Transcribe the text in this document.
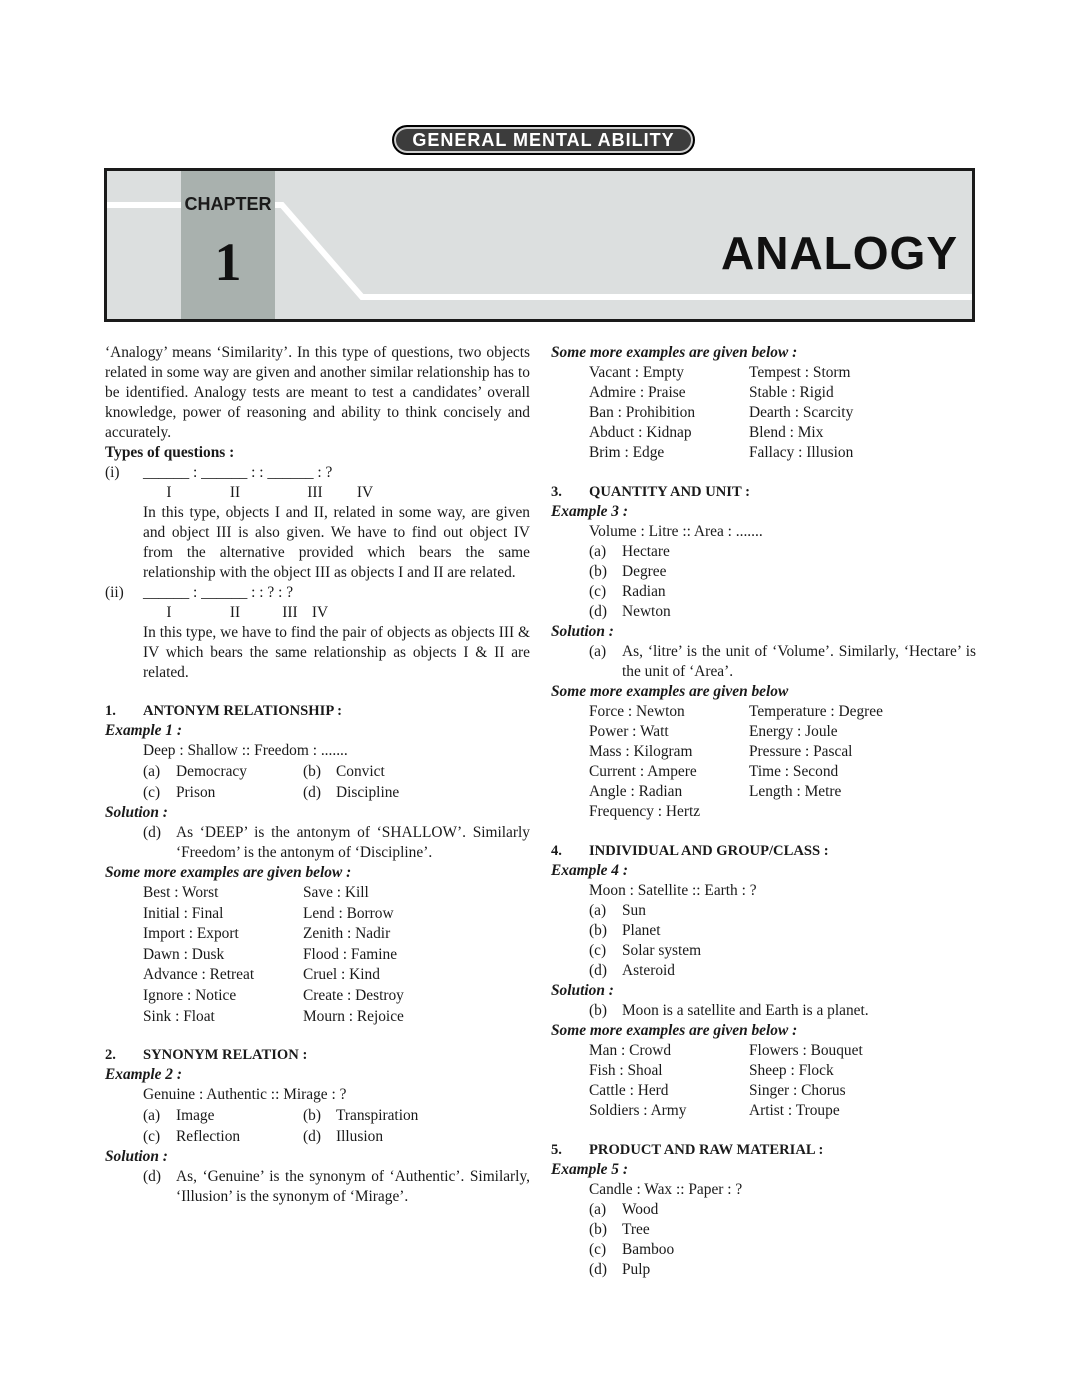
GENERAL MENTAL ABILITY
CHAPTER
1	ANALOGY

‘Analogy’ means ‘Similarity’. In this type of questions, two objects related in some way are given and another similar relationship has to be identified. Analogy tests are meant to test a candidates’ overall knowledge, power of reasoning and ability to think concisely and accurately.

Types of questions :
(i)	______ : ______ : : ______ : ?
I	II	III	IV

In this type, objects I and II, related in some way, are given and object III is also given. We have to find out object IV from the alternative provided which bears the same relationship with the object III as objects I and II are related.

(ii)	______ : ______ : : ? : ?
I	II	III IV

In this type, we have to find the pair of objects as objects III & IV which bears the same relationship as objects I & II are related.

1.	ANTONYM RELATIONSHIP :
Example 1 :
Deep : Shallow :: Freedom : .......
(a)	Democracy	(b) Convict
(c)	Prison	(d) Discipline
Solution :
(d) As ‘DEEP’ is the antonym of ‘SHALLOW’. Similarly ‘Freedom’ is the antonym of ‘Discipline’.
Some more examples are given below :
Best : Worst	Save : Kill
Initial : Final	Lend : Borrow
Import : Export	Zenith : Nadir
Dawn : Dusk	Flood : Famine
Advance : Retreat	Cruel : Kind
Ignore : Notice	Create : Destroy
Sink : Float	Mourn : Rejoice
2.	SYNONYM RELATION :
Example 2 :
Genuine : Authentic :: Mirage : ?
(a)	Image	(b) Transpiration
(c)	Reflection	(d) Illusion
Solution :
(d) As, ‘Genuine’ is the synonym of ‘Authentic’. Similarly, ‘Illusion’ is the synonym of ‘Mirage’.
Some more examples are given below :
Vacant : Empty	Tempest : Storm
Admire : Praise	Stable : Rigid
Ban : Prohibition	Dearth : Scarcity
Abduct : Kidnap	Blend : Mix
Brim : Edge	Fallacy : Illusion
3.	QUANTITY AND UNIT :
Example 3 :
Volume : Litre :: Area : .......
(a)	Hectare
(b) Degree
(c)	Radian
(d) Newton
Solution :
(a)	As, ‘litre’ is the unit of ‘Volume’. Similarly, ‘Hectare’ is the unit of ‘Area’.
Some more examples are given below
Force : Newton	Temperature : Degree
Power : Watt	Energy : Joule
Mass : Kilogram	Pressure : Pascal
Current : Ampere	Time : Second
Angle : Radian	Length : Metre
Frequency : Hertz
4.	INDIVIDUAL AND GROUP/CLASS :
Example 4 :
Moon : Satellite :: Earth : ?
(a)	Sun
(b) Planet
(c)	Solar system
(d) Asteroid
Solution :
(b) Moon is a satellite and Earth is a planet.
Some more examples are given below :
Man : Crowd	Flowers : Bouquet
Fish : Shoal	Sheep : Flock
Cattle : Herd	Singer : Chorus
Soldiers : Army	Artist : Troupe
5.	PRODUCT AND RAW MATERIAL :
Example 5 :
Candle : Wax :: Paper : ?
(a)	Wood
(b) Tree
(c)	Bamboo
(d) Pulp
